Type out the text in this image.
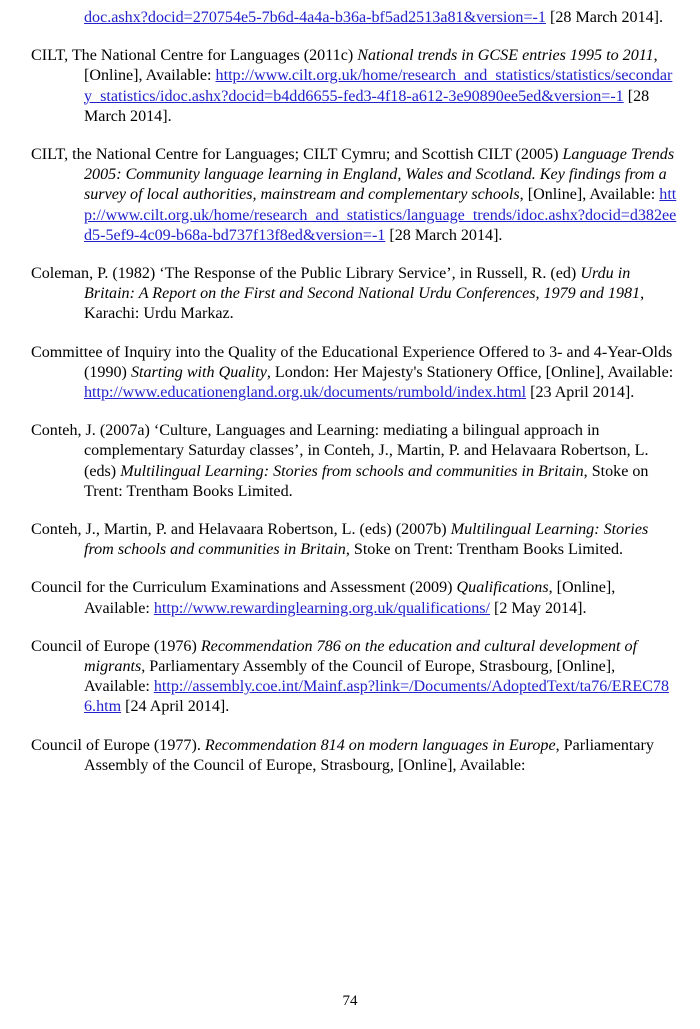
doc.ashx?docid=270754e5-7b6d-4a4a-b36a-bf5ad2513a81&version=-1 [28 March 2014].

CILT, The National Centre for Languages (2011c) National trends in GCSE entries 1995 to 2011, [Online], Available: http://www.cilt.org.uk/home/research_and_statistics/statistics/secondary_statistics/idoc.ashx?docid=b4dd6655-fed3-4f18-a612-3e90890ee5ed&version=-1 [28 March 2014].

CILT, the National Centre for Languages; CILT Cymru; and Scottish CILT (2005) Language Trends 2005: Community language learning in England, Wales and Scotland. Key findings from a survey of local authorities, mainstream and complementary schools, [Online], Available: http://www.cilt.org.uk/home/research_and_statistics/language_trends/idoc.ashx?docid=d382eed5-5ef9-4c09-b68a-bd737f13f8ed&version=-1 [28 March 2014].

Coleman, P. (1982) ‘The Response of the Public Library Service’, in Russell, R. (ed) Urdu in Britain: A Report on the First and Second National Urdu Conferences, 1979 and 1981, Karachi: Urdu Markaz.

Committee of Inquiry into the Quality of the Educational Experience Offered to 3- and 4-Year-Olds (1990) Starting with Quality, London: Her Majesty's Stationery Office, [Online], Available: http://www.educationengland.org.uk/documents/rumbold/index.html [23 April 2014].

Conteh, J. (2007a) ‘Culture, Languages and Learning: mediating a bilingual approach in complementary Saturday classes’, in Conteh, J., Martin, P. and Helavaara Robertson, L. (eds) Multilingual Learning: Stories from schools and communities in Britain, Stoke on Trent: Trentham Books Limited.

Conteh, J., Martin, P. and Helavaara Robertson, L. (eds) (2007b) Multilingual Learning: Stories from schools and communities in Britain, Stoke on Trent: Trentham Books Limited.

Council for the Curriculum Examinations and Assessment (2009) Qualifications, [Online], Available: http://www.rewardinglearning.org.uk/qualifications/ [2 May 2014].

Council of Europe (1976) Recommendation 786 on the education and cultural development of migrants, Parliamentary Assembly of the Council of Europe, Strasbourg, [Online], Available: http://assembly.coe.int/Mainf.asp?link=/Documents/AdoptedText/ta76/EREC786.htm [24 April 2014].

Council of Europe (1977). Recommendation 814 on modern languages in Europe, Parliamentary Assembly of the Council of Europe, Strasbourg, [Online], Available:

74
